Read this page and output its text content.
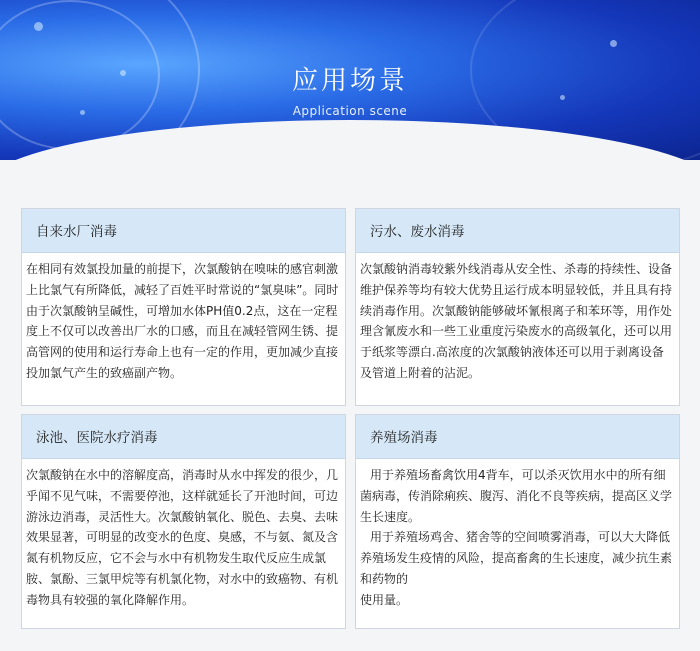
应用场景
Application scene
自来水厂消毒

在相同有效氯投加量的前提下，次氯酸钠在嗅味的感官刺激上比氯气有所降低，减轻了百姓平时常说的“氯臭味”。同时由于次氯酸钠呈碱性，可增加水体PH值0.2点，这在一定程度上不仅可以改善出厂水的口感，而且在减轻管网生锈、提高管网的使用和运行寿命上也有一定的作用，更加减少直接投加氯气产生的致癌副产物。

污水、废水消毒

次氯酸钠消毒较紫外线消毒从安全性、杀毒的持续性、设备维护保养等均有较大优势且运行成本明显较低，并且具有持续消毒作用。次氯酸钠能够破坏氰根离子和苯环等，用作处理含氰废水和一些工业重度污染废水的高级氧化，还可以用于纸浆等漂白.高浓度的次氯酸钠液体还可以用于剥离设备及管道上附着的沾泥。

泳池、医院水疗消毒

次氯酸钠在水中的溶解度高，消毒时从水中挥发的很少，几乎闻不见气味，不需要停池，这样就延长了开池时间，可边游泳边消毒，灵活性大。次氯酸钠氧化、脱色、去臭、去味效果显著，可明显的改变水的色度、臭感，不与氨、氮及含氮有机物反应，它不会与水中有机物发生取代反应生成氯胺、氯酚、三氯甲烷等有机氯化物，对水中的致癌物、有机毒物具有较强的氧化降解作用。

养殖场消毒

用于养殖场畜禽饮用4背车，可以杀灭饮用水中的所有细菌病毒，传消除痢疾、腹泻、消化不良等疾病，提高区义学生长速度。

用于养殖场鸡舍、猪舍等的空间喷雾消毒，可以大大降低养殖场发生疫情的风险，提高畜禽的生长速度，减少抗生素和药物的

使用量。
